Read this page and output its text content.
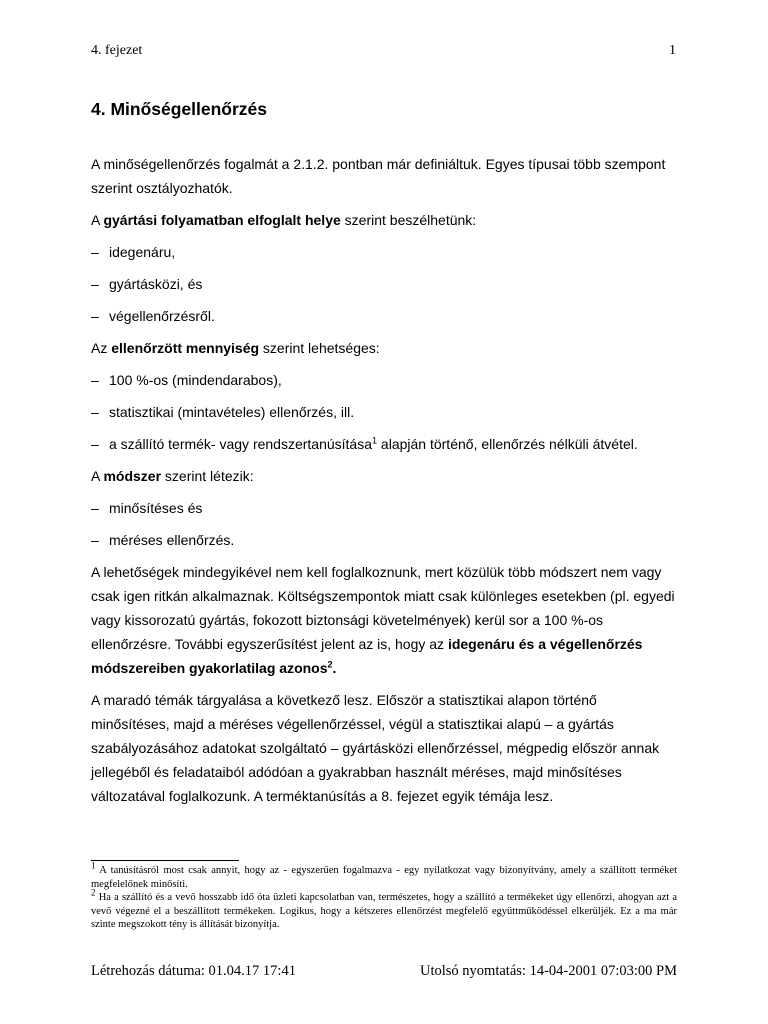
4. fejezet	1
4. Minőségellenőrzés

A minőségellenőrzés fogalmát a 2.1.2. pontban már definiáltuk. Egyes típusai több szempont szerint osztályozhatók.

A gyártási folyamatban elfoglalt helye szerint beszélhetünk:

– idegenáru,
– gyártásközi, és
– végellenőrzésről.

Az ellenőrzött mennyiség szerint lehetséges:

– 100 %-os (mindendarabos),
– statisztikai (mintavételes) ellenőrzés, ill.
– a szállító termék- vagy rendszertanúsítása$^1$ alapján történő, ellenőrzés nélküli átvétel.

A módszer szerint létezik:

– minősítéses és
– méréses ellenőrzés.

A lehetőségek mindegyikével nem kell foglalkoznunk, mert közülük több módszert nem vagy csak igen ritkán alkalmaznak. Költségszempontok miatt csak különleges esetekben (pl. egyedi vagy kissorozatú gyártás, fokozott biztonsági követelmények) kerül sor a 100 %-os ellenőrzésre. További egyszerűsítést jelent az is, hogy az idegenáru és a végellenőrzés módszereiben gyakorlatilag azonos$^2$.

A maradó témák tárgyalása a következő lesz. Először a statisztikai alapon történő minősítéses, majd a méréses végellenőrzéssel, végül a statisztikai alapú – a gyártás szabályozásához adatokat szolgáltató – gyártásközi ellenőrzéssel, mégpedig először annak jellegéből és feladataiból adódóan a gyakrabban használt méréses, majd minősítéses változatával foglalkozunk. A terméktanúsítás a 8. fejezet egyik témája lesz.

1 A tanúsításról most csak annyit, hogy az - egyszerűen fogalmazva - egy nyilatkozat vagy bizonyítvány, amely a szállított terméket megfelelőnek minősíti.

2 Ha a szállító és a vevő hosszabb idő óta üzleti kapcsolatban van, természetes, hogy a szállító a termékeket úgy ellenőrzi, ahogyan azt a vevő végezné el a beszállított termékeken. Logikus, hogy a kétszeres ellenőrzést megfelelő együttműködéssel elkerüljék. Ez a ma már szinte megszokott tény is állítását bizonyítja.

Létrehozás dátuma: 01.04.17 17:41	Utolsó nyomtatás: 14-04-2001 07:03:00 PM
